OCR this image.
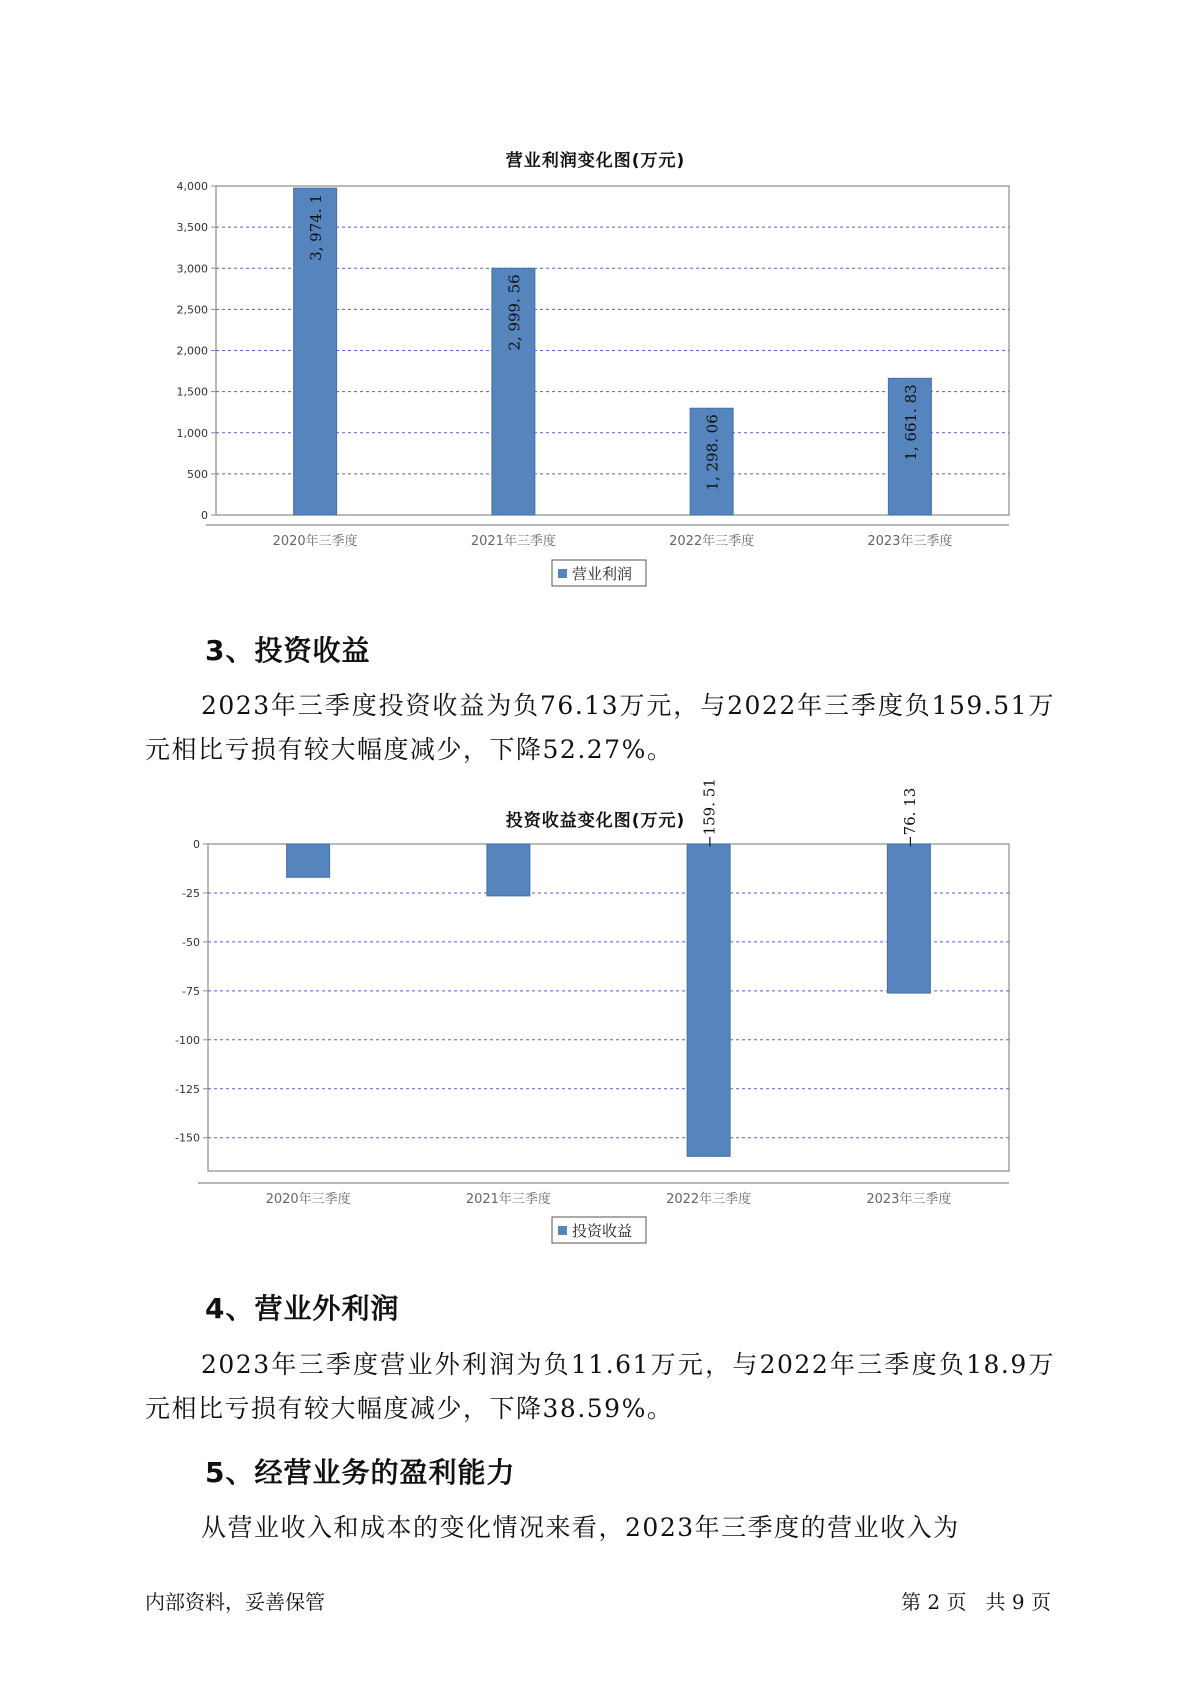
营业利润变化图(万元)
4,000
3,500
3,000
2,500
2,000
1,500
1,000
500
0
3, 974. 1
2020年三季度
2, 999. 56
2021年三季度
1, 298. 06
2022年三季度
1, 661. 83
2023年三季度
营业利润
3、投资收益
2023年三季度投资收益为负76.13万元，与2022年三季度负159.51万元相比亏损有较大幅度减少，下降52.27%。
投资收益变化图(万元)
0
-25
-50
-75
-100
-125
-150
2020年三季度	2021年三季度
−159. 51
2022年三季度
−76. 13
2023年三季度
投资收益
4、营业外利润
2023年三季度营业外利润为负11.61万元，与2022年三季度负18.9万元相比亏损有较大幅度减少，下降38.59%。
5、经营业务的盈利能力
从营业收入和成本的变化情况来看，2023年三季度的营业收入为
内部资料，妥善保管	第 2 页   共 9 页
